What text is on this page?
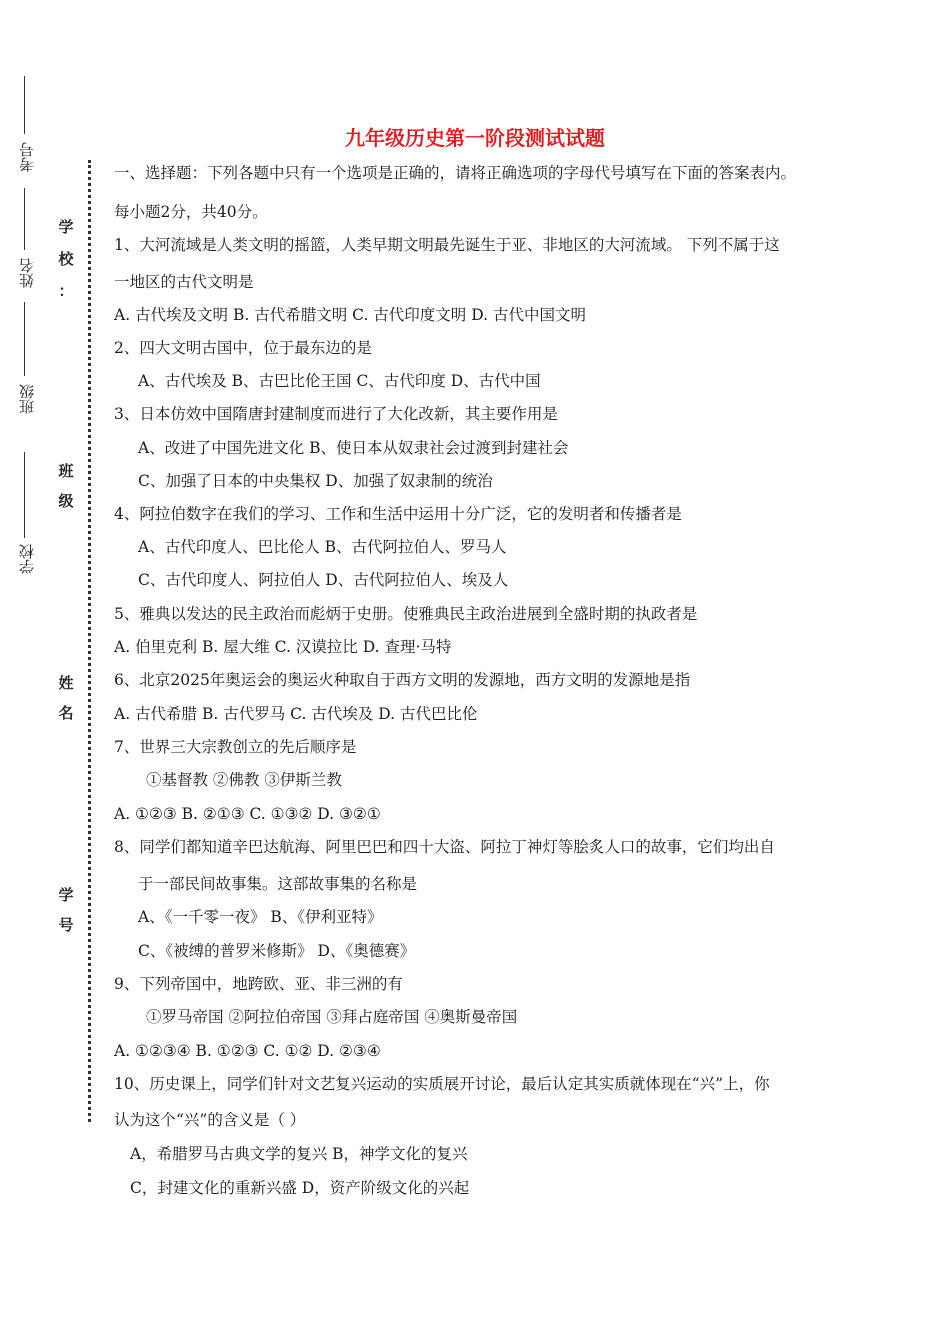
考号
姓名
班级
学校
学
校
：
班
级
姓
名
学
号
九年级历史第一阶段测试试题
一、选择题：下列各题中只有一个选项是正确的，请将正确选项的字母代号填写在下面的答案表内。
每小题2分，共40分。
1、大河流域是人类文明的摇篮，人类早期文明最先诞生于亚、非地区的大河流域。 下列不属于这
一地区的古代文明是
A. 古代埃及文明 B. 古代希腊文明 C. 古代印度文明 D. 古代中国文明
2、四大文明古国中，位于最东边的是
A、古代埃及 B、古巴比伦王国 C、古代印度 D、古代中国
3、日本仿效中国隋唐封建制度而进行了大化改新，其主要作用是
A、改进了中国先进文化 B、使日本从奴隶社会过渡到封建社会
C、加强了日本的中央集权 D、加强了奴隶制的统治
4、阿拉伯数字在我们的学习、工作和生活中运用十分广泛，它的发明者和传播者是
A、古代印度人、巴比伦人 B、古代阿拉伯人、罗马人
C、古代印度人、阿拉伯人 D、古代阿拉伯人、埃及人
5、雅典以发达的民主政治而彪炳于史册。使雅典民主政治进展到全盛时期的执政者是
A. 伯里克利 B. 屋大维 C. 汉谟拉比 D. 查理·马特
6、北京2025年奥运会的奥运火种取自于西方文明的发源地，西方文明的发源地是指
A. 古代希腊 B. 古代罗马 C. 古代埃及 D. 古代巴比伦
7、世界三大宗教创立的先后顺序是
①基督教 ②佛教 ③伊斯兰教
A. ①②③ B. ②①③ C. ①③② D. ③②①
8、同学们都知道辛巴达航海、阿里巴巴和四十大盗、阿拉丁神灯等脍炙人口的故事，它们均出自
于一部民间故事集。这部故事集的名称是
A、《一千零一夜》 B、《伊利亚特》
C、《被缚的普罗米修斯》 D、《奥德赛》
9、下列帝国中，地跨欧、亚、非三洲的有
①罗马帝国 ②阿拉伯帝国 ③拜占庭帝国 ④奥斯曼帝国
A. ①②③④ B. ①②③ C. ①② D. ②③④
10、历史课上，同学们针对文艺复兴运动的实质展开讨论，最后认定其实质就体现在“兴”上，你
认为这个“兴”的含义是（ ）
A，希腊罗马古典文学的复兴 B，神学文化的复兴
C，封建文化的重新兴盛 D，资产阶级文化的兴起
